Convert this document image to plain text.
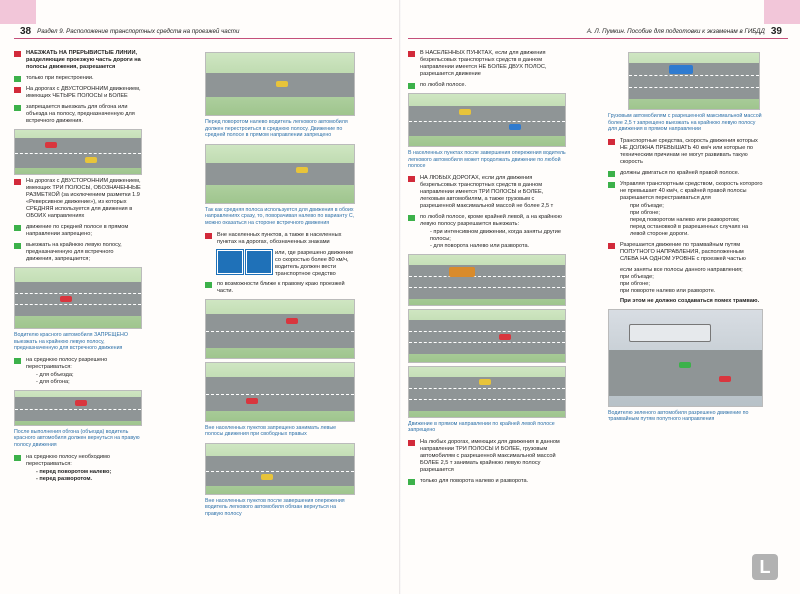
38 Раздел 9. Расположение транспортных средств на проезжей части	А. Л. Пумкин. Пособие для подготовки к экзаменам в ГИБДД 39
НАЕЗЖАТЬ НА ПРЕРЫВИСТЫЕ ЛИНИИ, разделяющие проезжую часть дороги на полосы движения, разрешается
только при перестроении.
На дорогах с ДВУСТОРОННИМ движением, имеющих ЧЕТЫРЕ ПОЛОСЫ и БОЛЕЕ
запрещается выезжать для обгона или объезда на полосу, предназначенную для встречного движения.
На дорогах с ДВУСТОРОННИМ движением, имеющих ТРИ ПОЛОСЫ, ОБОЗНАЧЕННЫЕ РАЗМЕТКОЙ (за исключением разметки 1.9 «Реверсивное движение»), из которых СРЕДНЯЯ используется для движения в ОБОИХ направлениях
движение по средней полосе в прямом направлении запрещено;
выезжать на крайнюю левую полосу, предназначенную для встречного движения, запрещается;
Водителю красного автомобиля ЗАПРЕЩЕНО выезжать на крайнюю левую полосу, предназначенную для встречного движения
на среднюю полосу разрешено перестраиваться:
- для объезда;
- для обгона;
После выполнения обгона (объезда) водитель красного автомобиля должен вернуться на правую полосу движения
на среднюю полосу необходимо перестраиваться:
- перед поворотом налево;
- перед разворотом.
Перед поворотом налево водитель легкового автомобиля должен перестроиться в среднюю полосу. Движение по средней полосе в прямом направлении запрещено
Так как средняя полоса используется для движения в обоих направлениях сразу, то, поворачивая налево по варианту С, можно оказаться на стороне встречного движения
Вне населенных пунктов, а также в населенных пунктах на дорогах, обозначенных знаками
или, где разрешено движение со скоростью более 80 км/ч, водитель должен вести транспортное средство
по возможности ближе к правому краю проезжей части.
Вне населенных пунктов запрещено занимать левые полосы движения при свободных правых
Вне населенных пунктов после завершения опережения водитель легкового автомобиля обязан вернуться на правую полосу
В НАСЕЛЕННЫХ ПУНКТАХ, если для движения безрельсовых транспортных средств в данном направлении имеется НЕ БОЛЕЕ ДВУХ ПОЛОС, разрешается движение
по любой полосе.
В населенных пунктах после завершения опережения водитель легкового автомобиля может продолжать движение по любой полосе
НА ЛЮБЫХ ДОРОГАХ, если для движения безрельсовых транспортных средств в данном направлении имеется ТРИ ПОЛОСЫ и БОЛЕЕ, легковым автомобилям, а также грузовым с разрешенной максимальной массой не более 2,5 т
по любой полосе, кроме крайней левой, а на крайнюю левую полосу разрешается выезжать:
- при интенсивном движении, когда заняты другие полосы;
- для поворота налево или разворота.
Движение в прямом направлении по крайней левой полосе запрещено
На любых дорогах, имеющих для движения в данном направлении ТРИ ПОЛОСЫ И БОЛЕЕ, грузовым автомобилям с разрешенной максимальной массой БОЛЕЕ 2,5 т занимать крайнюю левую полосу разрешается
только для поворота налево и разворота.
Грузовым автомобилям с разрешенной максимальной массой более 2,5 т запрещено выезжать на крайнюю левую полосу для движения в прямом направлении
Транспортные средства, скорость движения которых НЕ ДОЛЖНА ПРЕВЫШАТЬ 40 км/ч или которые по техническим причинам не могут развивать такую скорость
должны двигаться по крайней правой полосе.
Управляя транспортным средством, скорость которого не превышает 40 км/ч, с крайней правой полосы разрешается перестраиваться для
при объезде;
при обгоне;
перед поворотом налево или разворотом;
перед остановкой в разрешенных случаях на левой стороне дороги.
Разрешается движение по трамвайным путям ПОПУТНОГО НАПРАВЛЕНИЯ, расположенным СЛЕВА НА ОДНОМ УРОВНЕ с проезжей частью
если заняты все полосы данного направления;
при объезде;
при обгоне;
при повороте налево или развороте.
При этом не должно создаваться помех трамваю.
Водителю зеленого автомобиля разрешено движение по трамвайным путям попутного направления
L
